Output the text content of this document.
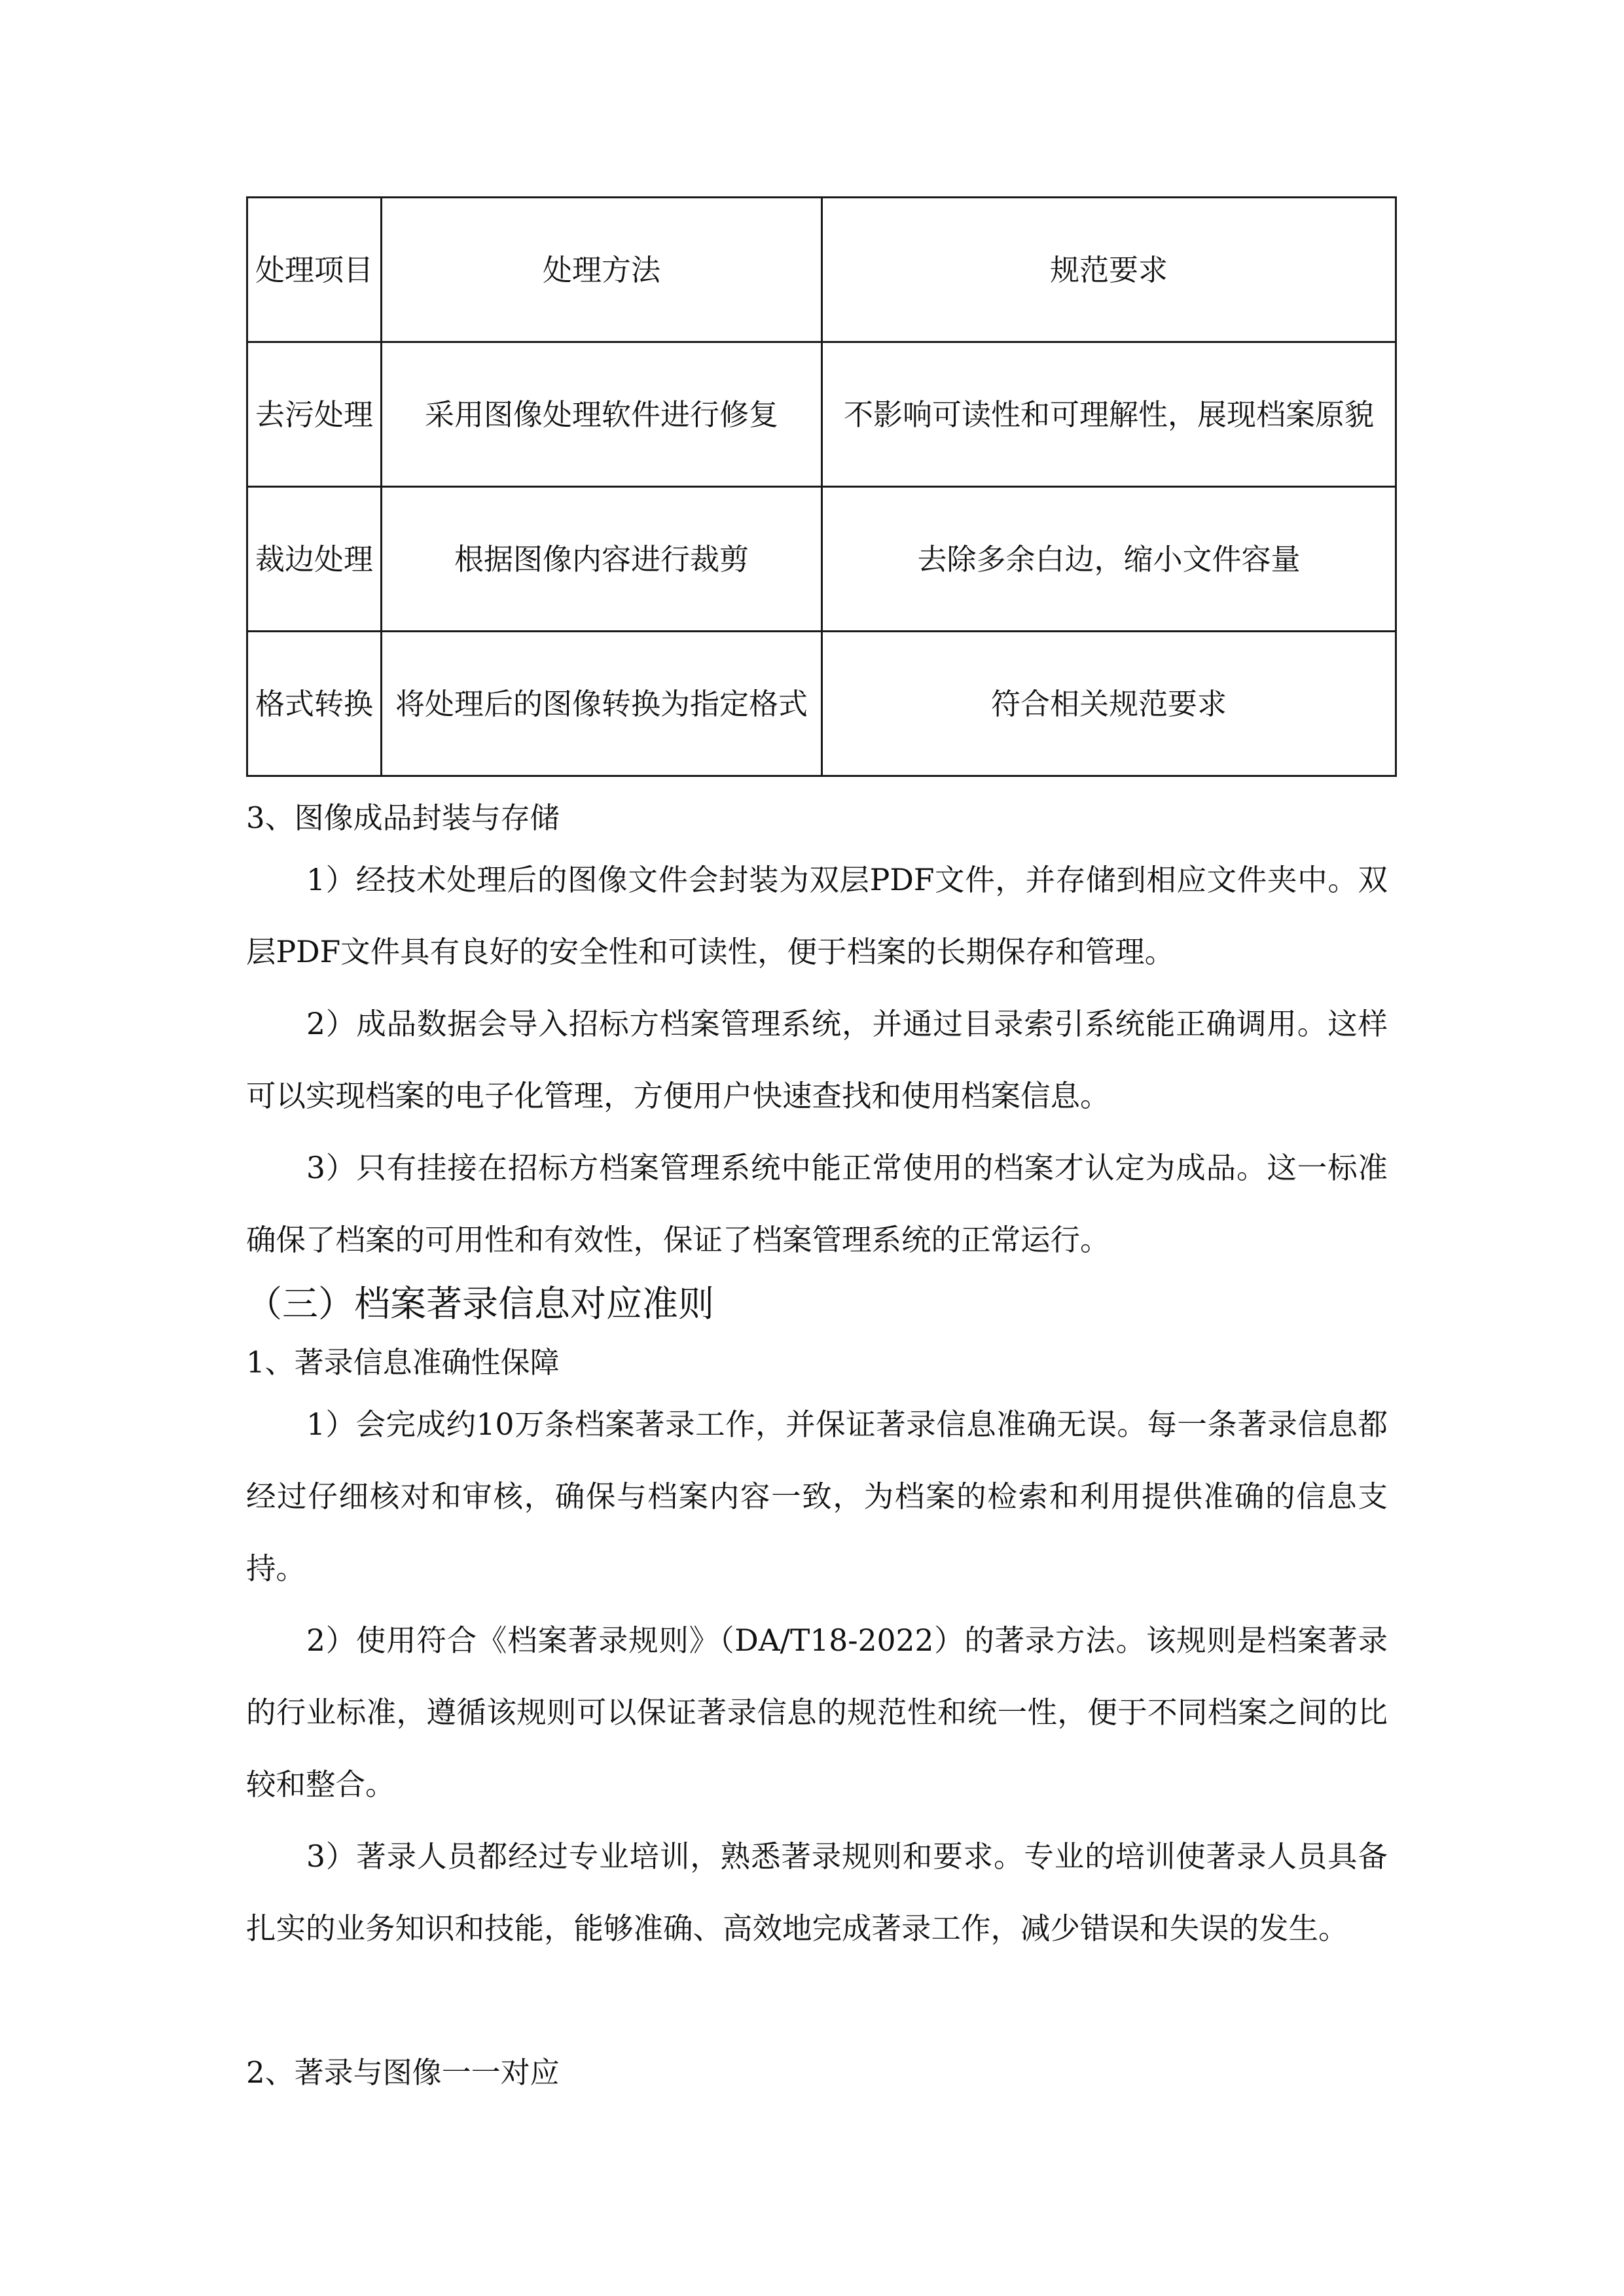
处理项目	处理方法	规范要求
去污处理	采用图像处理软件进行修复	不影响可读性和可理解性，展现档案原貌
裁边处理	根据图像内容进行裁剪	去除多余白边，缩小文件容量
格式转换	将处理后的图像转换为指定格式	符合相关规范要求
3、图像成品封装与存储

1）经技术处理后的图像文件会封装为双层PDF文件，并存储到相应文件夹中。双层PDF文件具有良好的安全性和可读性，便于档案的长期保存和管理。

2）成品数据会导入招标方档案管理系统，并通过目录索引系统能正确调用。这样可以实现档案的电子化管理，方便用户快速查找和使用档案信息。

3）只有挂接在招标方档案管理系统中能正常使用的档案才认定为成品。这一标准确保了档案的可用性和有效性，保证了档案管理系统的正常运行。

（三）档案著录信息对应准则
1、著录信息准确性保障

1）会完成约10万条档案著录工作，并保证著录信息准确无误。每一条著录信息都经过仔细核对和审核，确保与档案内容一致，为档案的检索和利用提供准确的信息支持。

2）使用符合《档案著录规则》（DA/T18-2022）的著录方法。该规则是档案著录的行业标准，遵循该规则可以保证著录信息的规范性和统一性，便于不同档案之间的比较和整合。

3）著录人员都经过专业培训，熟悉著录规则和要求。专业的培训使著录人员具备扎实的业务知识和技能，能够准确、高效地完成著录工作，减少错误和失误的发生。

2、著录与图像一一对应
